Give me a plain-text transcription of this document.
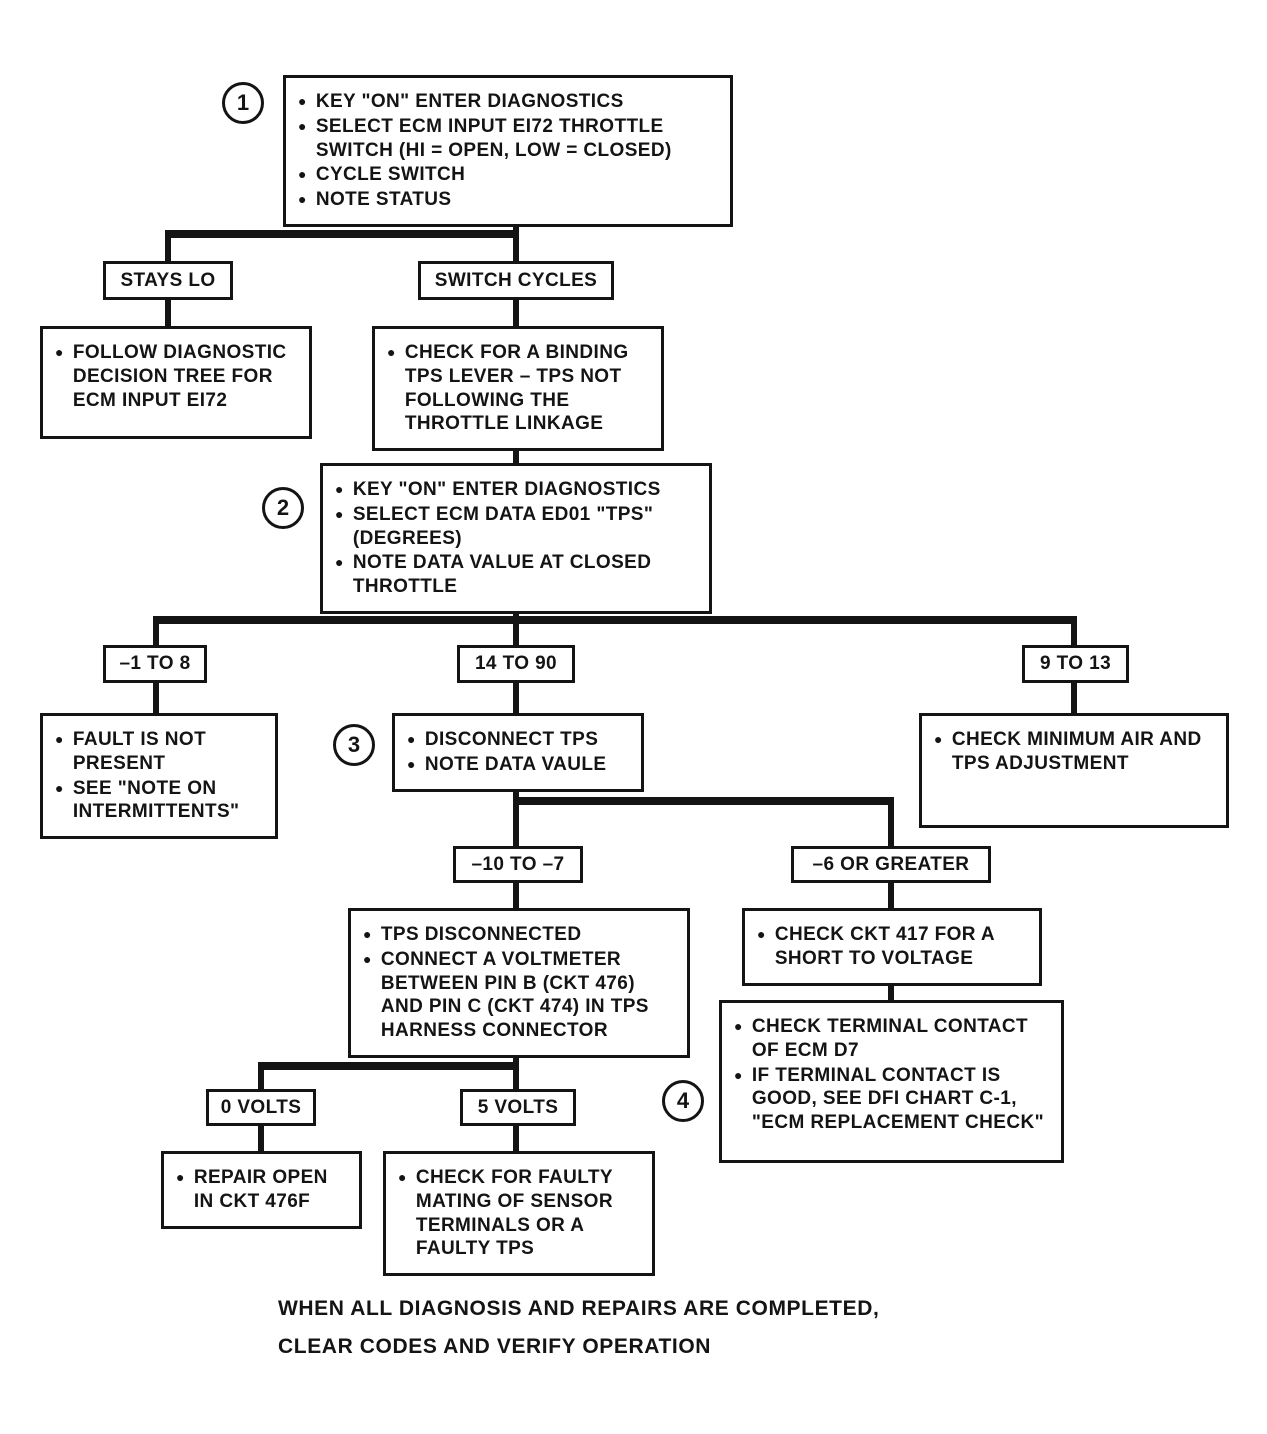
1
2
3
4
● KEY "ON" ENTER DIAGNOSTICS
● SELECT ECM INPUT EI72 THROTTLE SWITCH (HI = OPEN, LOW = CLOSED)
● CYCLE SWITCH
● NOTE STATUS
STAYS LO	SWITCH CYCLES
● FOLLOW DIAGNOSTIC DECISION TREE FOR ECM INPUT EI72
● CHECK FOR A BINDING TPS LEVER – TPS NOT FOLLOWING THE THROTTLE LINKAGE
● KEY "ON" ENTER DIAGNOSTICS
● SELECT ECM DATA ED01 "TPS" (DEGREES)
● NOTE DATA VALUE AT CLOSED THROTTLE
–1 TO 8	14 TO 90	9 TO 13
● FAULT IS NOT PRESENT
● SEE "NOTE ON INTERMITTENTS"
● DISCONNECT TPS
● NOTE DATA VAULE
● CHECK MINIMUM AIR AND TPS ADJUSTMENT
–10 TO –7	–6 OR GREATER
● TPS DISCONNECTED
● CONNECT A VOLTMETER BETWEEN PIN B (CKT 476) AND PIN C (CKT 474) IN TPS HARNESS CONNECTOR
● CHECK CKT 417 FOR A SHORT TO VOLTAGE
● CHECK TERMINAL CONTACT OF ECM D7
● IF TERMINAL CONTACT IS GOOD, SEE DFI CHART C-1, "ECM REPLACEMENT CHECK"
0 VOLTS	5 VOLTS
● REPAIR OPEN IN CKT 476F
● CHECK FOR FAULTY MATING OF SENSOR TERMINALS OR A FAULTY TPS
WHEN ALL DIAGNOSIS AND REPAIRS ARE COMPLETED,
CLEAR CODES AND VERIFY OPERATION
